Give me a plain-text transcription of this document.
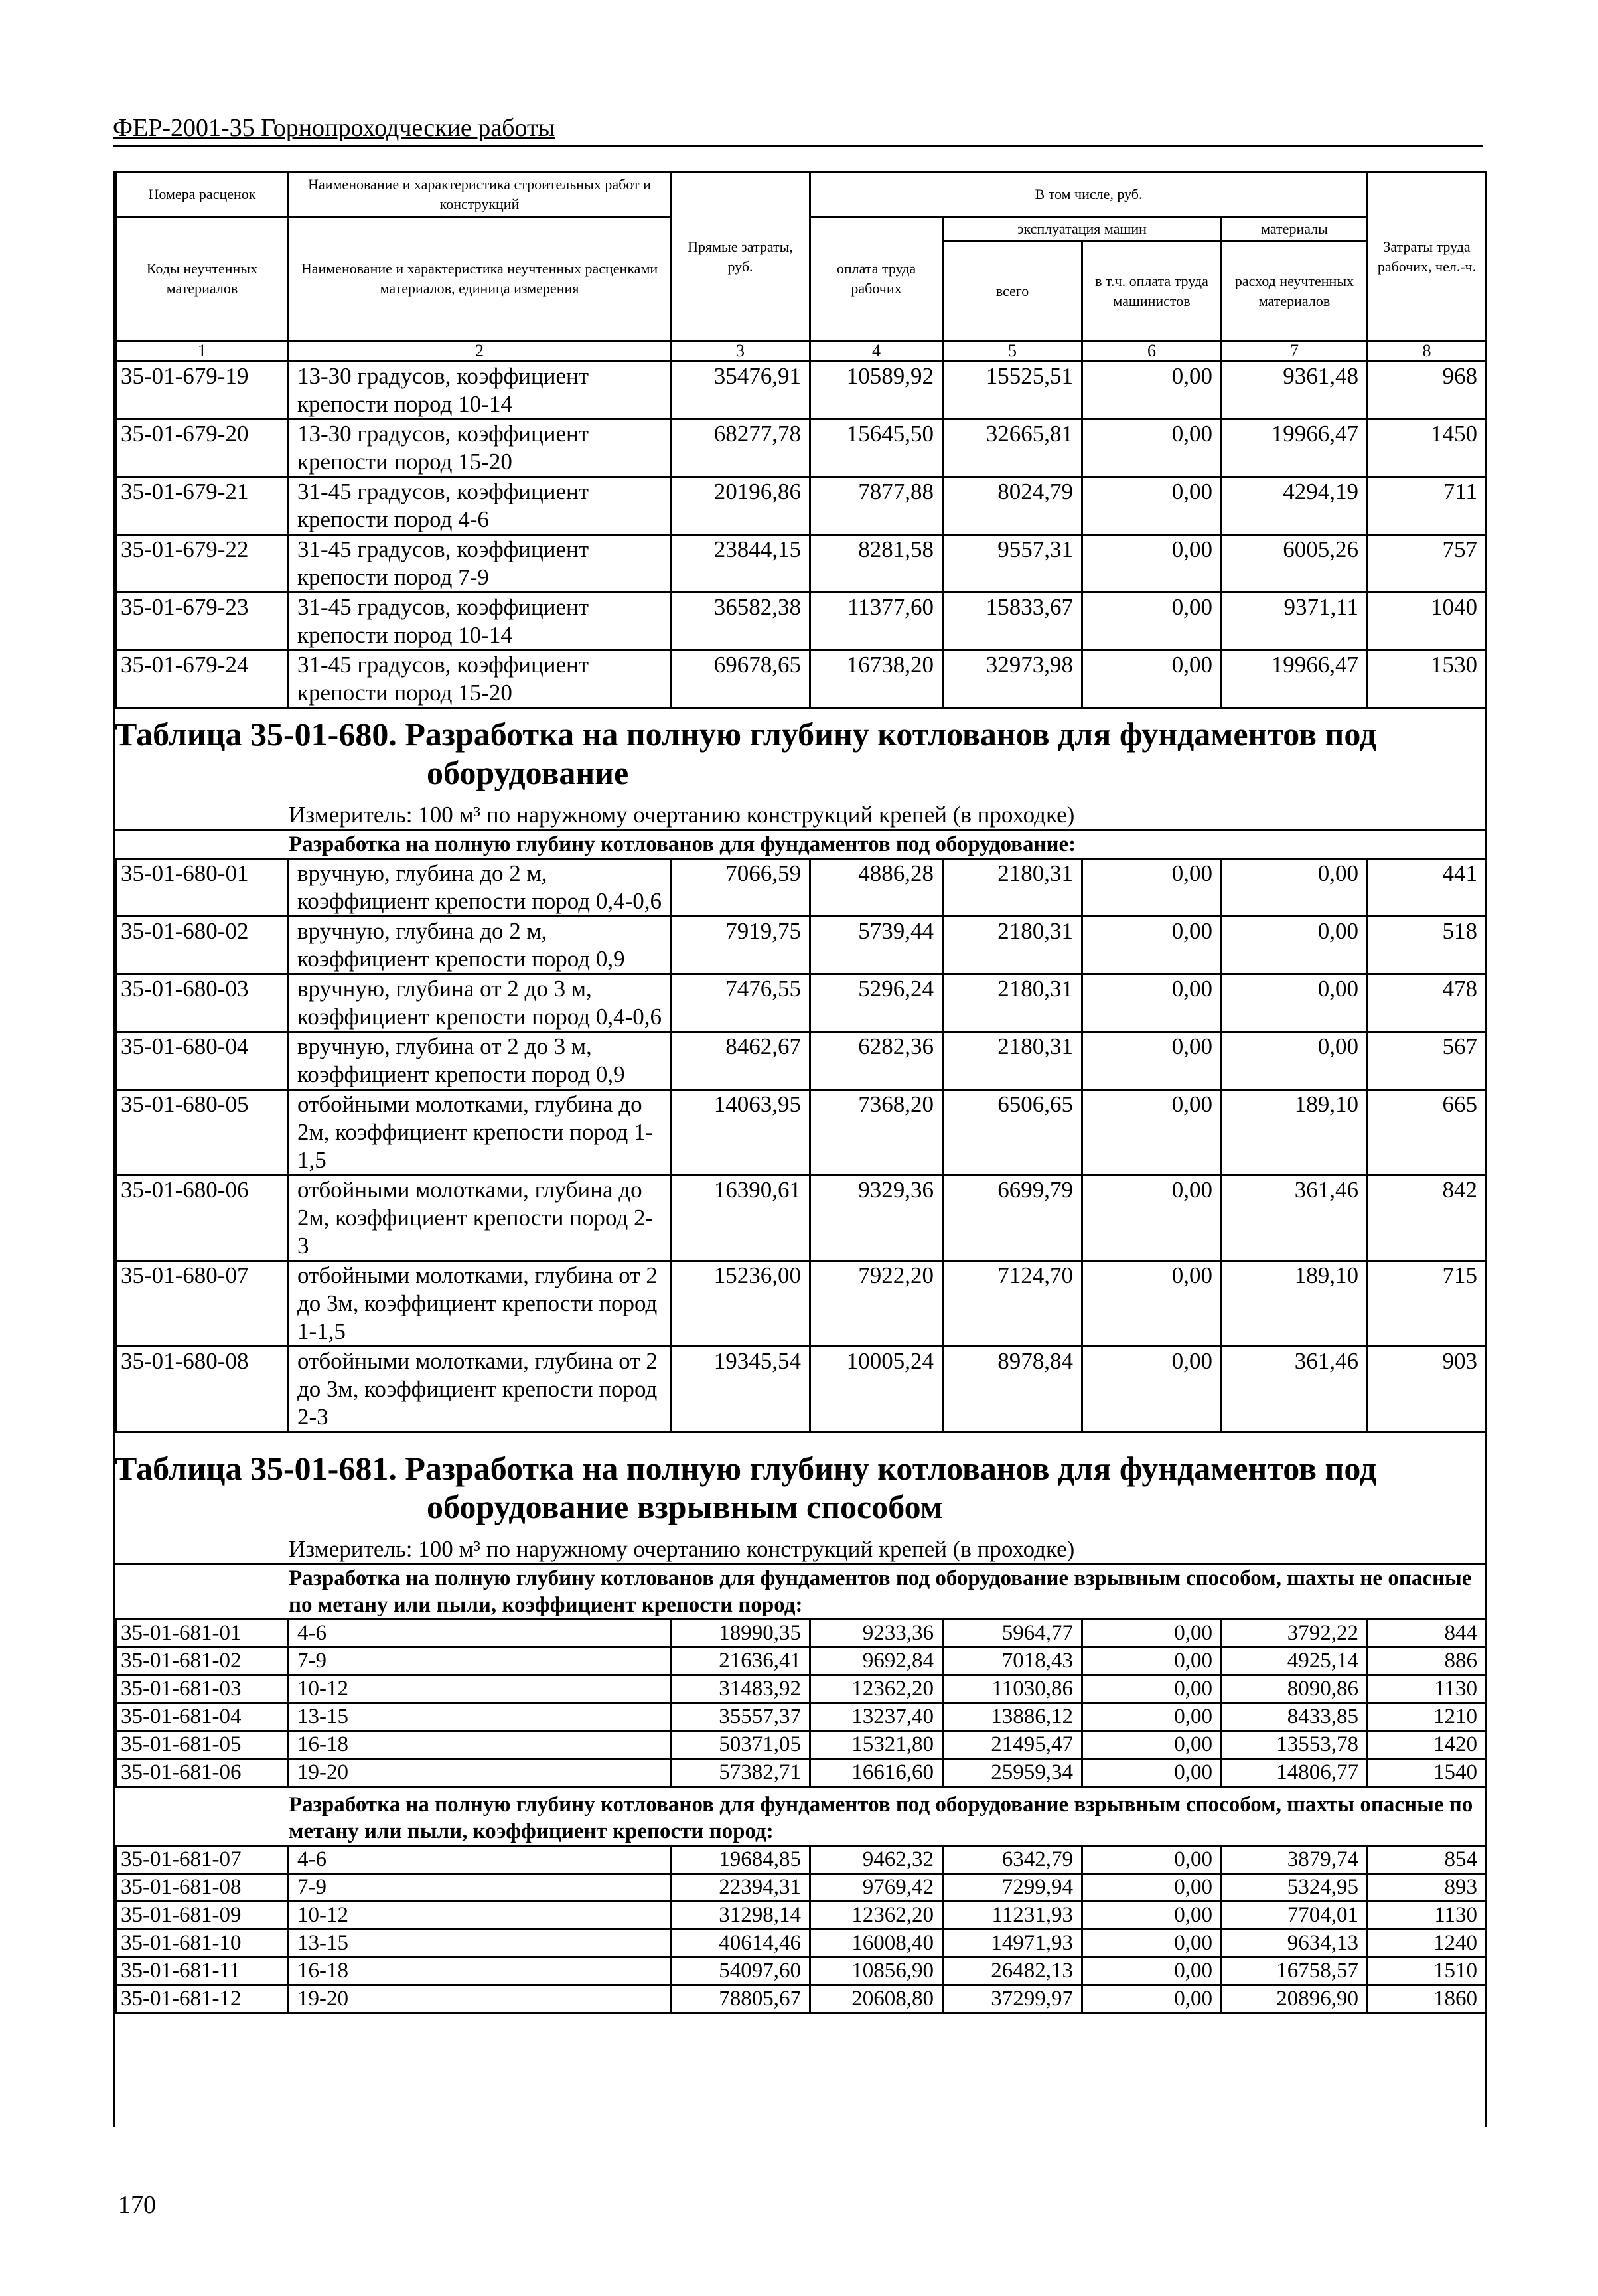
ФЕР-2001-35 Горнопроходческие работы
Номера расценок	Наименование и характеристика строительных работ и конструкций	Прямые затраты, руб.	В том числе, руб.				Затраты труда рабочих, чел.-ч.
Коды неучтенных материалов	Наименование и характеристика неучтенных расценками материалов, единица измерения		оплата труда рабочих	эксплуатация машин		материалы	
				всего	в т.ч. оплата труда машинистов	расход неучтенных материалов	
1	2	3	4	5	6	7	8
35-01-679-19	13-30 градусов, коэффициент крепости пород 10-14	35476,91	10589,92	15525,51	0,00	9361,48	968
35-01-679-20	13-30 градусов, коэффициент крепости пород 15-20	68277,78	15645,50	32665,81	0,00	19966,47	1450
35-01-679-21	31-45 градусов, коэффициент крепости пород 4-6	20196,86	7877,88	8024,79	0,00	4294,19	711
35-01-679-22	31-45 градусов, коэффициент крепости пород 7-9	23844,15	8281,58	9557,31	0,00	6005,26	757
35-01-679-23	31-45 градусов, коэффициент крепости пород 10-14	36582,38	11377,60	15833,67	0,00	9371,11	1040
35-01-679-24	31-45 градусов, коэффициент крепости пород 15-20	69678,65	16738,20	32973,98	0,00	19966,47	1530
Таблица 35-01-680. Разработка на полную глубину котлованов для фундаментов под
оборудование
Измеритель: 100 м³ по наружному очертанию конструкций крепей (в проходке)
Разработка на полную глубину котлованов для фундаментов под оборудование:
35-01-680-01	вручную, глубина до 2 м, коэффициент крепости пород 0,4-0,6	7066,59	4886,28	2180,31	0,00	0,00	441
35-01-680-02	вручную, глубина до 2 м, коэффициент крепости пород 0,9	7919,75	5739,44	2180,31	0,00	0,00	518
35-01-680-03	вручную, глубина от 2 до 3 м, коэффициент крепости пород 0,4-0,6	7476,55	5296,24	2180,31	0,00	0,00	478
35-01-680-04	вручную, глубина от 2 до 3 м, коэффициент крепости пород 0,9	8462,67	6282,36	2180,31	0,00	0,00	567
35-01-680-05	отбойными молотками, глубина до 2м, коэффициент крепости пород 1-1,5	14063,95	7368,20	6506,65	0,00	189,10	665
35-01-680-06	отбойными молотками, глубина до 2м, коэффициент крепости пород 2-3	16390,61	9329,36	6699,79	0,00	361,46	842
35-01-680-07	отбойными молотками, глубина от 2 до 3м, коэффициент крепости пород 1-1,5	15236,00	7922,20	7124,70	0,00	189,10	715
35-01-680-08	отбойными молотками, глубина от 2 до 3м, коэффициент крепости пород 2-3	19345,54	10005,24	8978,84	0,00	361,46	903
Таблица 35-01-681. Разработка на полную глубину котлованов для фундаментов под
оборудование взрывным способом
Измеритель: 100 м³ по наружному очертанию конструкций крепей (в проходке)
Разработка на полную глубину котлованов для фундаментов под оборудование взрывным способом, шахты не опасные по метану или пыли, коэффициент крепости пород:
35-01-681-01	4-6	18990,35	9233,36	5964,77	0,00	3792,22	844
35-01-681-02	7-9	21636,41	9692,84	7018,43	0,00	4925,14	886
35-01-681-03	10-12	31483,92	12362,20	11030,86	0,00	8090,86	1130
35-01-681-04	13-15	35557,37	13237,40	13886,12	0,00	8433,85	1210
35-01-681-05	16-18	50371,05	15321,80	21495,47	0,00	13553,78	1420
35-01-681-06	19-20	57382,71	16616,60	25959,34	0,00	14806,77	1540
Разработка на полную глубину котлованов для фундаментов под оборудование взрывным способом, шахты опасные по метану или пыли, коэффициент крепости пород:
35-01-681-07	4-6	19684,85	9462,32	6342,79	0,00	3879,74	854
35-01-681-08	7-9	22394,31	9769,42	7299,94	0,00	5324,95	893
35-01-681-09	10-12	31298,14	12362,20	11231,93	0,00	7704,01	1130
35-01-681-10	13-15	40614,46	16008,40	14971,93	0,00	9634,13	1240
35-01-681-11	16-18	54097,60	10856,90	26482,13	0,00	16758,57	1510
35-01-681-12	19-20	78805,67	20608,80	37299,97	0,00	20896,90	1860
170
